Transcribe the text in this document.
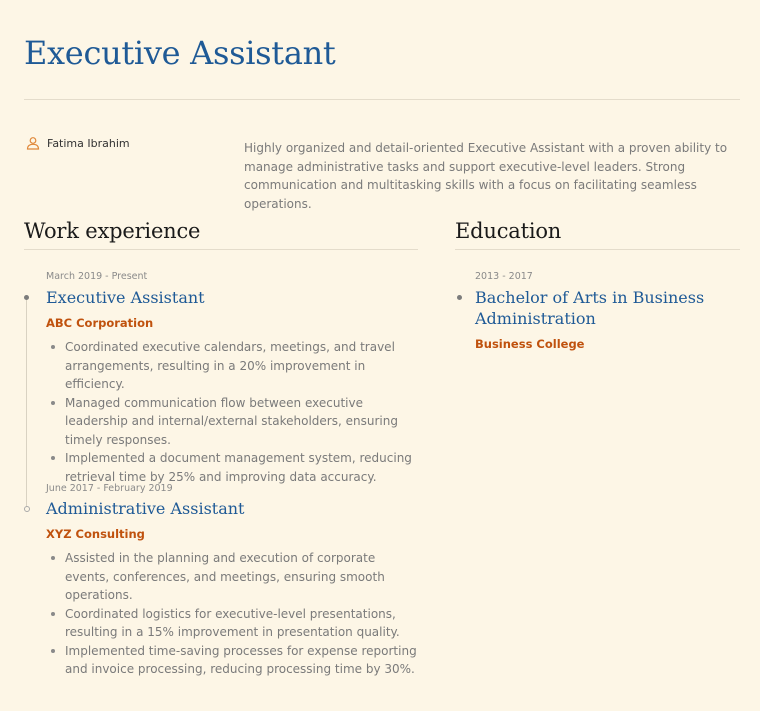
Executive Assistant
Fatima Ibrahim	Highly organized and detail-oriented Executive Assistant with a proven ability to manage administrative tasks and support executive-level leaders. Strong communication and multitasking skills with a focus on facilitating seamless operations.

Work experience
March 2019 - Present
Executive Assistant
ABC Corporation
Coordinated executive calendars, meetings, and travel arrangements, resulting in a 20% improvement in efficiency.
Managed communication flow between executive leadership and internal/external stakeholders, ensuring timely responses.
Implemented a document management system, reducing retrieval time by 25% and improving data accuracy.
June 2017 - February 2019
Administrative Assistant
XYZ Consulting
Assisted in the planning and execution of corporate events, conferences, and meetings, ensuring smooth operations.
Coordinated logistics for executive-level presentations, resulting in a 15% improvement in presentation quality.
Implemented time-saving processes for expense reporting and invoice processing, reducing processing time by 30%.
Education
2013 - 2017
Bachelor of Arts in Business Administration
Business College
